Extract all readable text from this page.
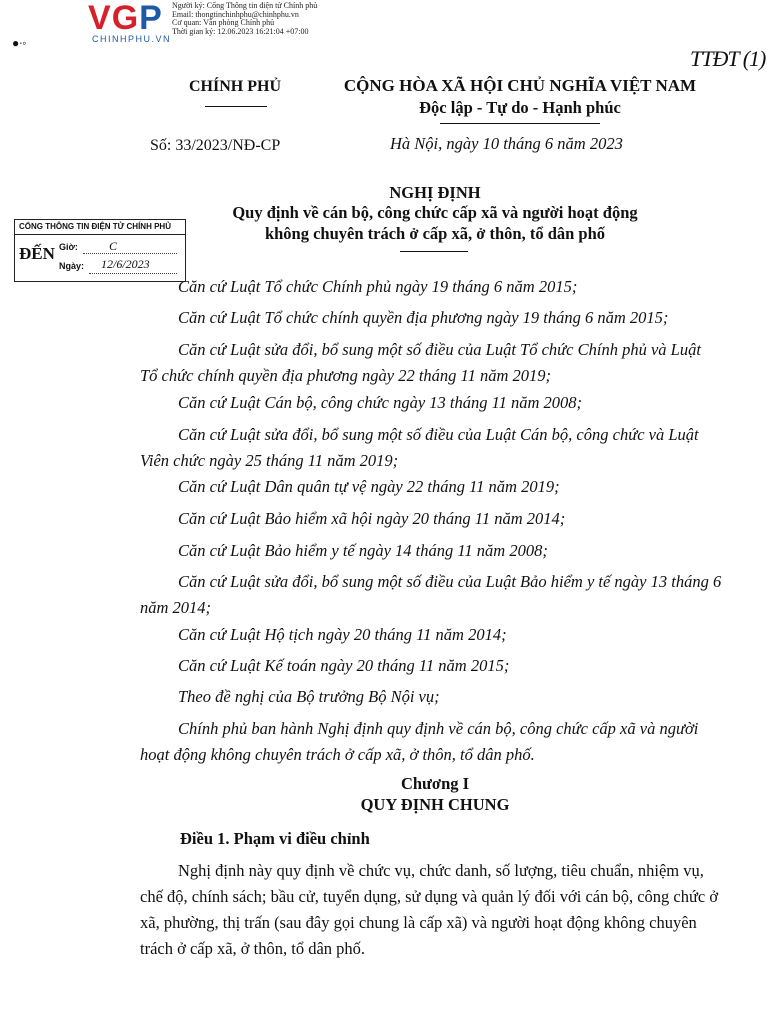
VGP
CHINHPHU.VN
Người ký: Cổng Thông tin điện tử Chính phủ
Email: thongtinchinhphu@chinhphu.vn
Cơ quan: Văn phòng Chính phủ
Thời gian ký: 12.06.2023 16:21:04 +07:00
●∙◦
TTĐT (1)
CHÍNH PHỦ	CỘNG HÒA XÃ HỘI CHỦ NGHĨA VIỆT NAM
Độc lập - Tự do - Hạnh phúc
Số: 33/2023/NĐ-CP	Hà Nội, ngày 10 tháng 6 năm 2023
NGHỊ ĐỊNH
Quy định về cán bộ, công chức cấp xã và người hoạt động
không chuyên trách ở cấp xã, ở thôn, tổ dân phố
CỔNG THÔNG TIN ĐIỆN TỬ CHÍNH PHỦ
ĐẾN Giờ:	C
Ngày: 12/6/2023
Căn cứ Luật Tổ chức Chính phủ ngày 19 tháng 6 năm 2015;
Căn cứ Luật Tổ chức chính quyền địa phương ngày 19 tháng 6 năm 2015;
Căn cứ Luật sửa đổi, bổ sung một số điều của Luật Tổ chức Chính phủ và Luật Tổ chức chính quyền địa phương ngày 22 tháng 11 năm 2019;
Căn cứ Luật Cán bộ, công chức ngày 13 tháng 11 năm 2008;
Căn cứ Luật sửa đổi, bổ sung một số điều của Luật Cán bộ, công chức và Luật Viên chức ngày 25 tháng 11 năm 2019;
Căn cứ Luật Dân quân tự vệ ngày 22 tháng 11 năm 2019;
Căn cứ Luật Bảo hiểm xã hội ngày 20 tháng 11 năm 2014;
Căn cứ Luật Bảo hiểm y tế ngày 14 tháng 11 năm 2008;
Căn cứ Luật sửa đổi, bổ sung một số điều của Luật Bảo hiểm y tế ngày 13 tháng 6 năm 2014;
Căn cứ Luật Hộ tịch ngày 20 tháng 11 năm 2014;
Căn cứ Luật Kế toán ngày 20 tháng 11 năm 2015;
Theo đề nghị của Bộ trưởng Bộ Nội vụ;
Chính phủ ban hành Nghị định quy định về cán bộ, công chức cấp xã và người hoạt động không chuyên trách ở cấp xã, ở thôn, tổ dân phố.
Chương I
QUY ĐỊNH CHUNG
Điều 1. Phạm vi điều chỉnh
Nghị định này quy định về chức vụ, chức danh, số lượng, tiêu chuẩn, nhiệm vụ, chế độ, chính sách; bầu cử, tuyển dụng, sử dụng và quản lý đối với cán bộ, công chức ở xã, phường, thị trấn (sau đây gọi chung là cấp xã) và người hoạt động không chuyên trách ở cấp xã, ở thôn, tổ dân phố.
